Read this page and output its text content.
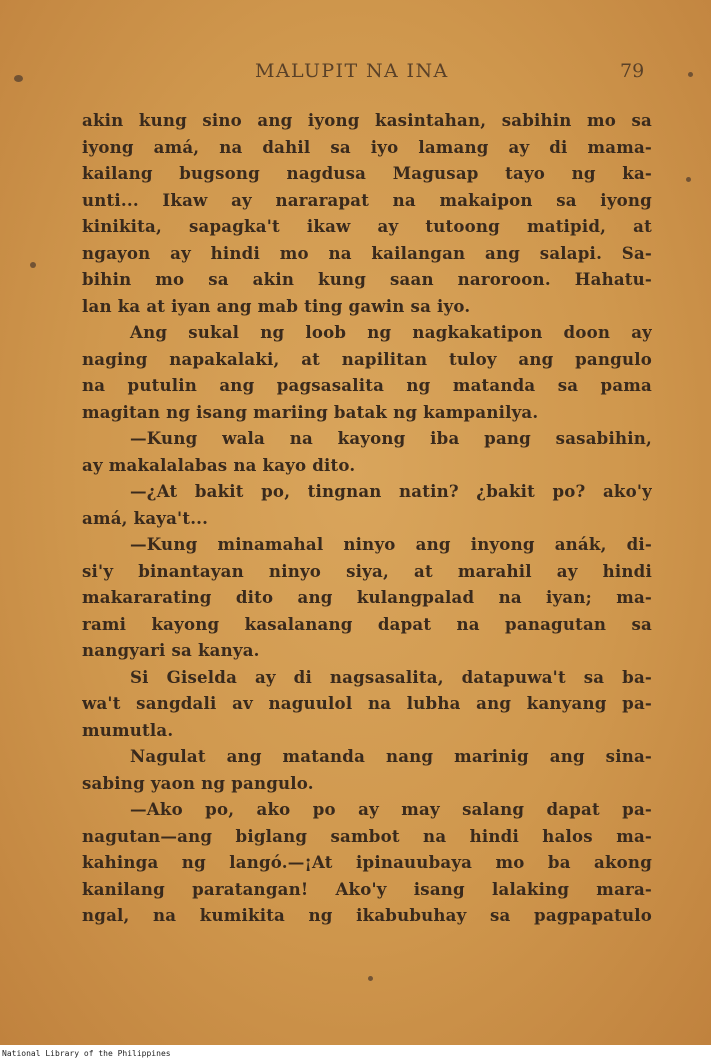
MALUPIT NA INA	79
akin kung sino ang iyong kasintahan, sabihin mo sa
iyong amá, na dahil sa iyo lamang ay di mama-
kailang bugsong nagdusa Magusap tayo ng ka-
unti... Ikaw ay nararapat na makaipon sa iyong
kinikita, sapagka't ikaw ay tutoong matipid, at
ngayon ay hindi mo na kailangan ang salapi. Sa-
bihin mo sa akin kung saan naroroon. Hahatu-
lan ka at iyan ang mab ting gawin sa iyo.
Ang sukal ng loob ng nagkakatipon doon ay
naging napakalaki, at napilitan tuloy ang pangulo
na putulin ang pagsasalita ng matanda sa pama
magitan ng isang mariing batak ng kampanilya.
—Kung wala na kayong iba pang sasabihin,
ay makalalabas na kayo dito.
—¿At bakit po, tingnan natin? ¿bakit po? ako'y
amá, kaya't...
—Kung minamahal ninyo ang inyong anák, di-
si'y binantayan ninyo siya, at marahil ay hindi
makararating dito ang kulangpalad na iyan; ma-
rami kayong kasalanang dapat na panagutan sa
nangyari sa kanya.
Si Giselda ay di nagsasalita, datapuwa't sa ba-
wa't sangdali av naguulol na lubha ang kanyang pa-
mumutla.
Nagulat ang matanda nang marinig ang sina-
sabing yaon ng pangulo.
—Ako po, ako po ay may salang dapat pa-
nagutan—ang biglang sambot na hindi halos ma-
kahinga ng langó.—¡At ipinauubaya mo ba akong
kanilang paratangan! Ako'y isang lalaking mara-
ngal, na kumikita ng ikabubuhay sa pagpapatulo
National Library of the Philippines
